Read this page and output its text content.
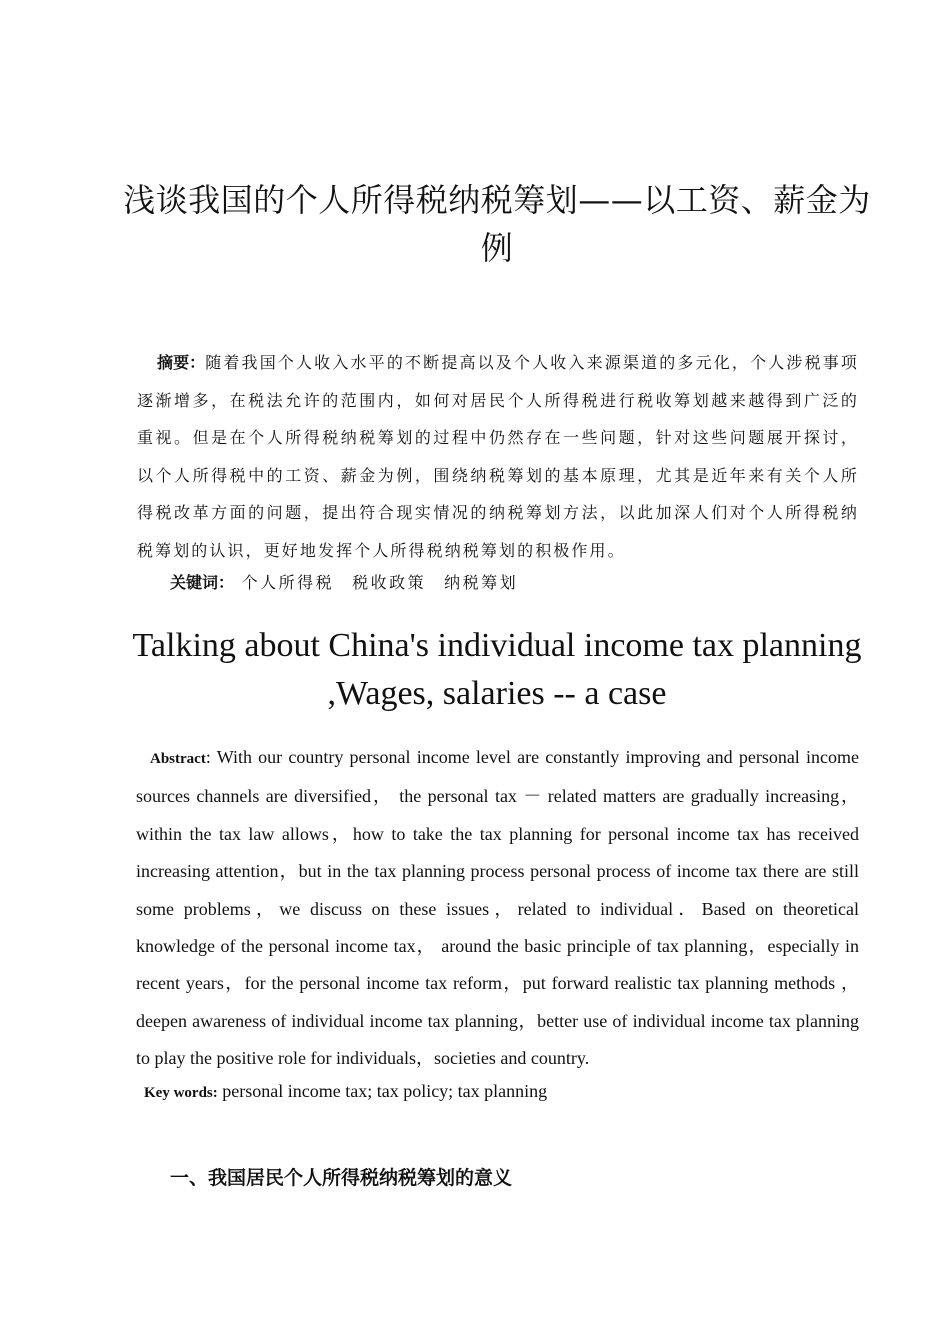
浅谈我国的个人所得税纳税筹划——以工资、薪金为例
摘要：随着我国个人收入水平的不断提高以及个人收入来源渠道的多元化，个人涉税事项逐渐增多，在税法允许的范围内，如何对居民个人所得税进行税收筹划越来越得到广泛的重视。但是在个人所得税纳税筹划的过程中仍然存在一些问题，针对这些问题展开探讨，以个人所得税中的工资、薪金为例，围绕纳税筹划的基本原理，尤其是近年来有关个人所得税改革方面的问题，提出符合现实情况的纳税筹划方法，以此加深人们对个人所得税纳税筹划的认识，更好地发挥个人所得税纳税筹划的积极作用。
关键词： 个人所得税 税收政策 纳税筹划
Talking about China's individual income tax planning ,Wages, salaries -- a case
Abstract: With our country personal income level are constantly improving and personal income sources channels are diversified， the personal tax － related matters are gradually increasing，within the tax law allows，how to take the tax planning for personal income tax has received increasing attention，but in the tax planning process personal process of income tax there are still some problems，we discuss on these issues，related to individual．Based on theoretical knowledge of the personal income tax， around the basic principle of tax planning，especially in recent years，for the personal income tax reform，put forward realistic tax planning methods ，deepen awareness of individual income tax planning，better use of individual income tax planning to play the positive role for individuals，societies and country.
Key words: personal income tax; tax policy; tax planning
一、我国居民个人所得税纳税筹划的意义
